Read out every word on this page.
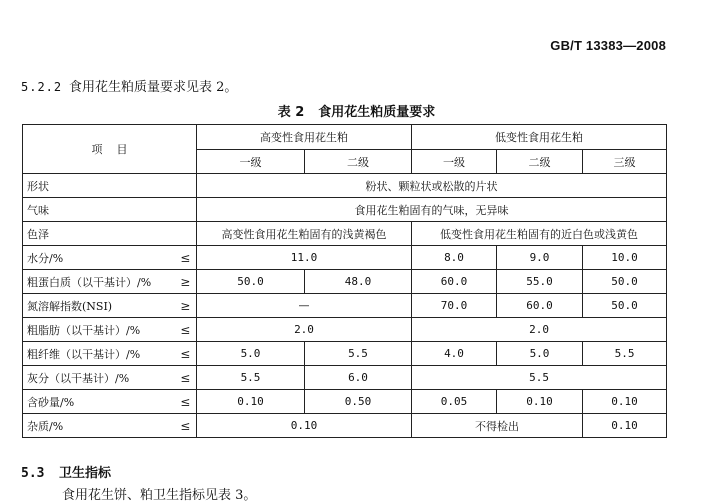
GB/T 13383—2008
5.2.2 食用花生粕质量要求见表 2。
表 2 食用花生粕质量要求
项    目		高变性食用花生粕		低变性食用花生粕		
		一级	二级	一级	二级	三级
形状		粉状、颗粒状或松散的片状				
气味		食用花生粕固有的气味，无异味				
色泽		高变性食用花生粕固有的浅黄褐色		低变性食用花生粕固有的近白色或浅黄色		
水分/%	≤	11.0		8.0	9.0	10.0
粗蛋白质（以干基计）/%	≥	50.0	48.0	60.0	55.0	50.0
氮溶解指数(NSI)	≥	—		70.0	60.0	50.0
粗脂肪（以干基计）/%	≤	2.0		2.0		
粗纤维（以干基计）/%	≤	5.0	5.5	4.0	5.0	5.5
灰分（以干基计）/%	≤	5.5	6.0	5.5		
含砂量/%	≤	0.10	0.50	0.05	0.10	0.10
杂质/%	≤	0.10		不得检出		0.10
5.3 卫生指标
食用花生饼、粕卫生指标见表 3。
